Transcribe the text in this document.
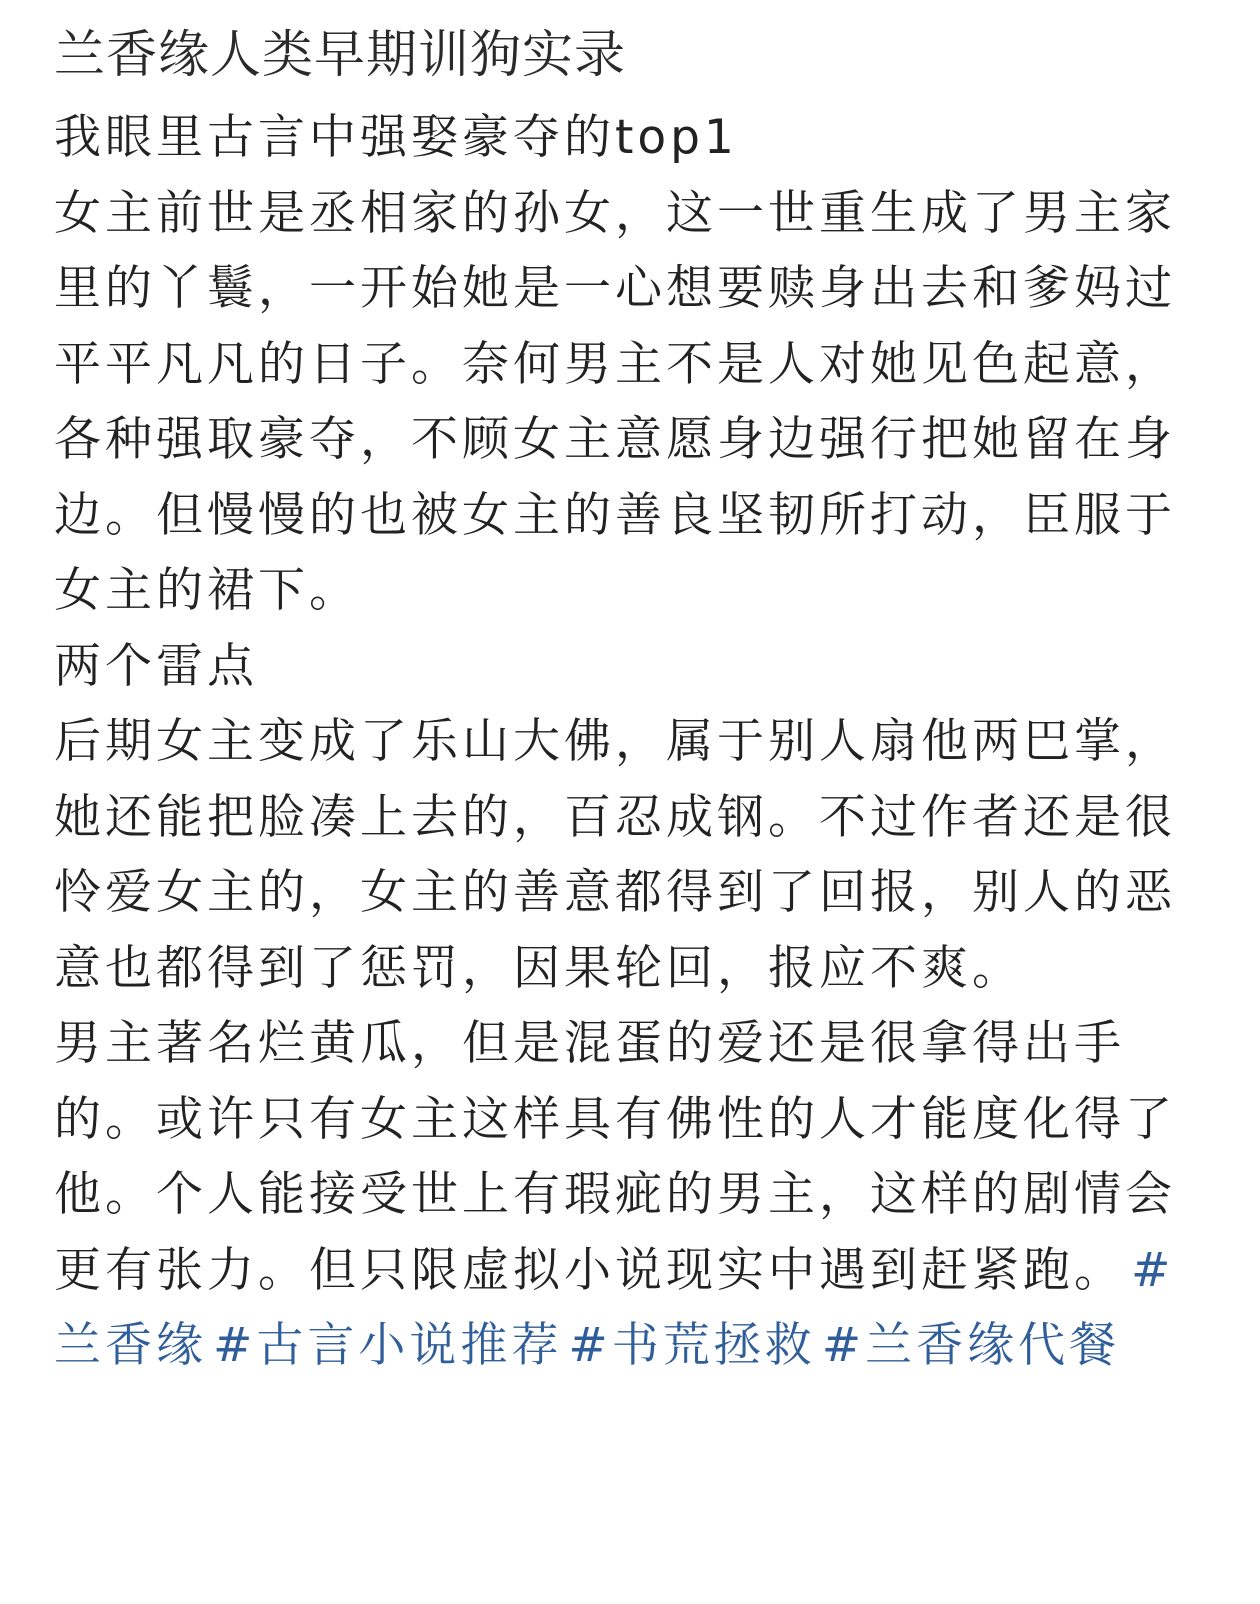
兰香缘人类早期训狗实录

我眼里古言中强娶豪夺的top1

女主前世是丞相家的孙女，这一世重生成了男主家里的丫鬟，一开始她是一心想要赎身出去和爹妈过平平凡凡的日子。奈何男主不是人对她见色起意，各种强取豪夺，不顾女主意愿身边强行把她留在身边。但慢慢的也被女主的善良坚韧所打动，臣服于女主的裙下。

两个雷点

后期女主变成了乐山大佛，属于别人扇他两巴掌，她还能把脸凑上去的，百忍成钢。不过作者还是很怜爱女主的，女主的善意都得到了回报，别人的恶意也都得到了惩罚，因果轮回，报应不爽。

男主著名烂黄瓜，但是混蛋的爱还是很拿得出手的。或许只有女主这样具有佛性的人才能度化得了他。个人能接受世上有瑕疵的男主，这样的剧情会更有张力。但只限虚拟小说现实中遇到赶紧跑。 #兰香缘 #古言小说推荐 #书荒拯救 #兰香缘代餐
